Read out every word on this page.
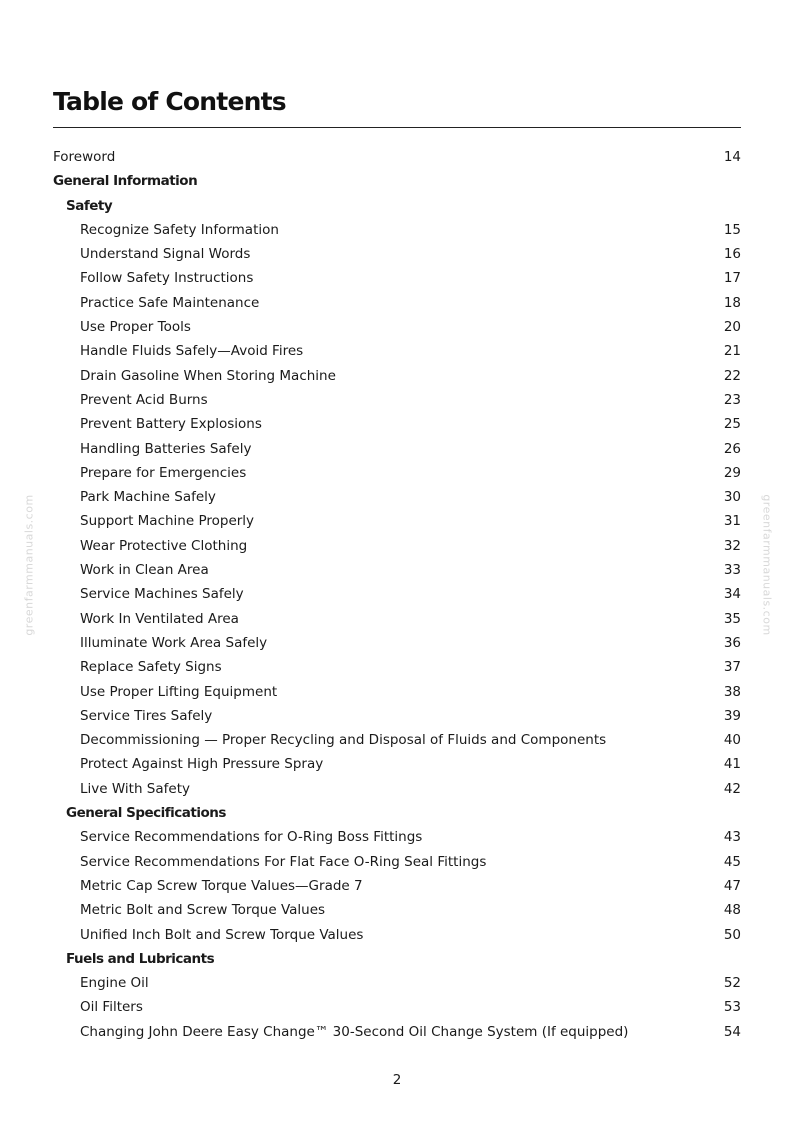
Table of Contents
Foreword	14
General Information
Safety
Recognize Safety Information	15
Understand Signal Words	16
Follow Safety Instructions	17
Practice Safe Maintenance	18
Use Proper Tools	20
Handle Fluids Safely—Avoid Fires	21
Drain Gasoline When Storing Machine	22
Prevent Acid Burns	23
Prevent Battery Explosions	25
Handling Batteries Safely	26
Prepare for Emergencies	29
Park Machine Safely	30
Support Machine Properly	31
Wear Protective Clothing	32
Work in Clean Area	33
Service Machines Safely	34
Work In Ventilated Area	35
Illuminate Work Area Safely	36
Replace Safety Signs	37
Use Proper Lifting Equipment	38
Service Tires Safely	39
Decommissioning — Proper Recycling and Disposal of Fluids and Components	40
Protect Against High Pressure Spray	41
Live With Safety	42
General Specifications
Service Recommendations for O-Ring Boss Fittings	43
Service Recommendations For Flat Face O-Ring Seal Fittings	45
Metric Cap Screw Torque Values—Grade 7	47
Metric Bolt and Screw Torque Values	48
Unified Inch Bolt and Screw Torque Values	50
Fuels and Lubricants
Engine Oil	52
Oil Filters	53
Changing John Deere Easy Change™ 30-Second Oil Change System (If equipped)	54
greenfarmmanuals.com	greenfarmmanuals.com
2
